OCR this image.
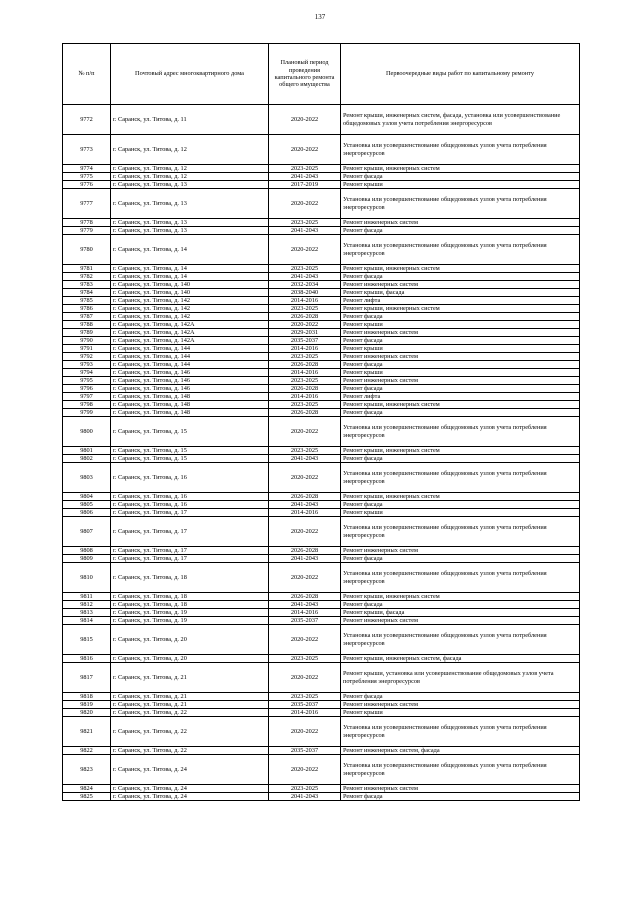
137
№ п/п	Почтовый адрес многоквартирного дома	Плановый период проведения капитального ремонта общего имущества	Первоочередные виды работ по капитальному ремонту
9772	г. Саранск, ул. Титова, д. 11	2020-2022	Ремонт крыши, инженерных систем, фасада, установка или усовершенствование общедомовых узлов учета потребления энергоресурсов
9773	г. Саранск, ул. Титова, д. 12	2020-2022	Установка или усовершенствование общедомовых узлов учета потребления энергоресурсов
9774	г. Саранск, ул. Титова, д. 12	2023-2025	Ремонт крыши, инженерных систем
9775	г. Саранск, ул. Титова, д. 12	2041-2043	Ремонт фасада
9776	г. Саранск, ул. Титова, д. 13	2017-2019	Ремонт крыши
9777	г. Саранск, ул. Титова, д. 13	2020-2022	Установка или усовершенствование общедомовых узлов учета потребления энергоресурсов
9778	г. Саранск, ул. Титова, д. 13	2023-2025	Ремонт инженерных систем
9779	г. Саранск, ул. Титова, д. 13	2041-2043	Ремонт фасада
9780	г. Саранск, ул. Титова, д. 14	2020-2022	Установка или усовершенствование общедомовых узлов учета потребления энергоресурсов
9781	г. Саранск, ул. Титова, д. 14	2023-2025	Ремонт крыши, инженерных систем
9782	г. Саранск, ул. Титова, д. 14	2041-2043	Ремонт фасада
9783	г. Саранск, ул. Титова, д. 140	2032-2034	Ремонт инженерных систем
9784	г. Саранск, ул. Титова, д. 140	2038-2040	Ремонт крыши, фасада
9785	г. Саранск, ул. Титова, д. 142	2014-2016	Ремонт лифта
9786	г. Саранск, ул. Титова, д. 142	2023-2025	Ремонт крыши, инженерных систем
9787	г. Саранск, ул. Титова, д. 142	2026-2028	Ремонт фасада
9788	г. Саранск, ул. Титова, д. 142А	2020-2022	Ремонт крыши
9789	г. Саранск, ул. Титова, д. 142А	2029-2031	Ремонт инженерных систем
9790	г. Саранск, ул. Титова, д. 142А	2035-2037	Ремонт фасада
9791	г. Саранск, ул. Титова, д. 144	2014-2016	Ремонт крыши
9792	г. Саранск, ул. Титова, д. 144	2023-2025	Ремонт инженерных систем
9793	г. Саранск, ул. Титова, д. 144	2026-2028	Ремонт фасада
9794	г. Саранск, ул. Титова, д. 146	2014-2016	Ремонт крыши
9795	г. Саранск, ул. Титова, д. 146	2023-2025	Ремонт инженерных систем
9796	г. Саранск, ул. Титова, д. 146	2026-2028	Ремонт фасада
9797	г. Саранск, ул. Титова, д. 148	2014-2016	Ремонт лифта
9798	г. Саранск, ул. Титова, д. 148	2023-2025	Ремонт крыши, инженерных систем
9799	г. Саранск, ул. Титова, д. 148	2026-2028	Ремонт фасада
9800	г. Саранск, ул. Титова, д. 15	2020-2022	Установка или усовершенствование общедомовых узлов учета потребления энергоресурсов
9801	г. Саранск, ул. Титова, д. 15	2023-2025	Ремонт крыши, инженерных систем
9802	г. Саранск, ул. Титова, д. 15	2041-2043	Ремонт фасада
9803	г. Саранск, ул. Титова, д. 16	2020-2022	Установка или усовершенствование общедомовых узлов учета потребления энергоресурсов
9804	г. Саранск, ул. Титова, д. 16	2026-2028	Ремонт крыши, инженерных систем
9805	г. Саранск, ул. Титова, д. 16	2041-2043	Ремонт фасада
9806	г. Саранск, ул. Титова, д. 17	2014-2016	Ремонт крыши
9807	г. Саранск, ул. Титова, д. 17	2020-2022	Установка или усовершенствование общедомовых узлов учета потребления энергоресурсов
9808	г. Саранск, ул. Титова, д. 17	2026-2028	Ремонт инженерных систем
9809	г. Саранск, ул. Титова, д. 17	2041-2043	Ремонт фасада
9810	г. Саранск, ул. Титова, д. 18	2020-2022	Установка или усовершенствование общедомовых узлов учета потребления энергоресурсов
9811	г. Саранск, ул. Титова, д. 18	2026-2028	Ремонт крыши, инженерных систем
9812	г. Саранск, ул. Титова, д. 18	2041-2043	Ремонт фасада
9813	г. Саранск, ул. Титова, д. 19	2014-2016	Ремонт крыши, фасада
9814	г. Саранск, ул. Титова, д. 19	2035-2037	Ремонт инженерных систем
9815	г. Саранск, ул. Титова, д. 20	2020-2022	Установка или усовершенствование общедомовых узлов учета потребления энергоресурсов
9816	г. Саранск, ул. Титова, д. 20	2023-2025	Ремонт крыши, инженерных систем, фасада
9817	г. Саранск, ул. Титова, д. 21	2020-2022	Ремонт крыши, установка или усовершенствование общедомовых узлов учета потребления энергоресурсов
9818	г. Саранск, ул. Титова, д. 21	2023-2025	Ремонт фасада
9819	г. Саранск, ул. Титова, д. 21	2035-2037	Ремонт инженерных систем
9820	г. Саранск, ул. Титова, д. 22	2014-2016	Ремонт крыши
9821	г. Саранск, ул. Титова, д. 22	2020-2022	Установка или усовершенствование общедомовых узлов учета потребления энергоресурсов
9822	г. Саранск, ул. Титова, д. 22	2035-2037	Ремонт инженерных систем, фасада
9823	г. Саранск, ул. Титова, д. 24	2020-2022	Установка или усовершенствование общедомовых узлов учета потребления энергоресурсов
9824	г. Саранск, ул. Титова, д. 24	2023-2025	Ремонт инженерных систем
9825	г. Саранск, ул. Титова, д. 24	2041-2043	Ремонт фасада
